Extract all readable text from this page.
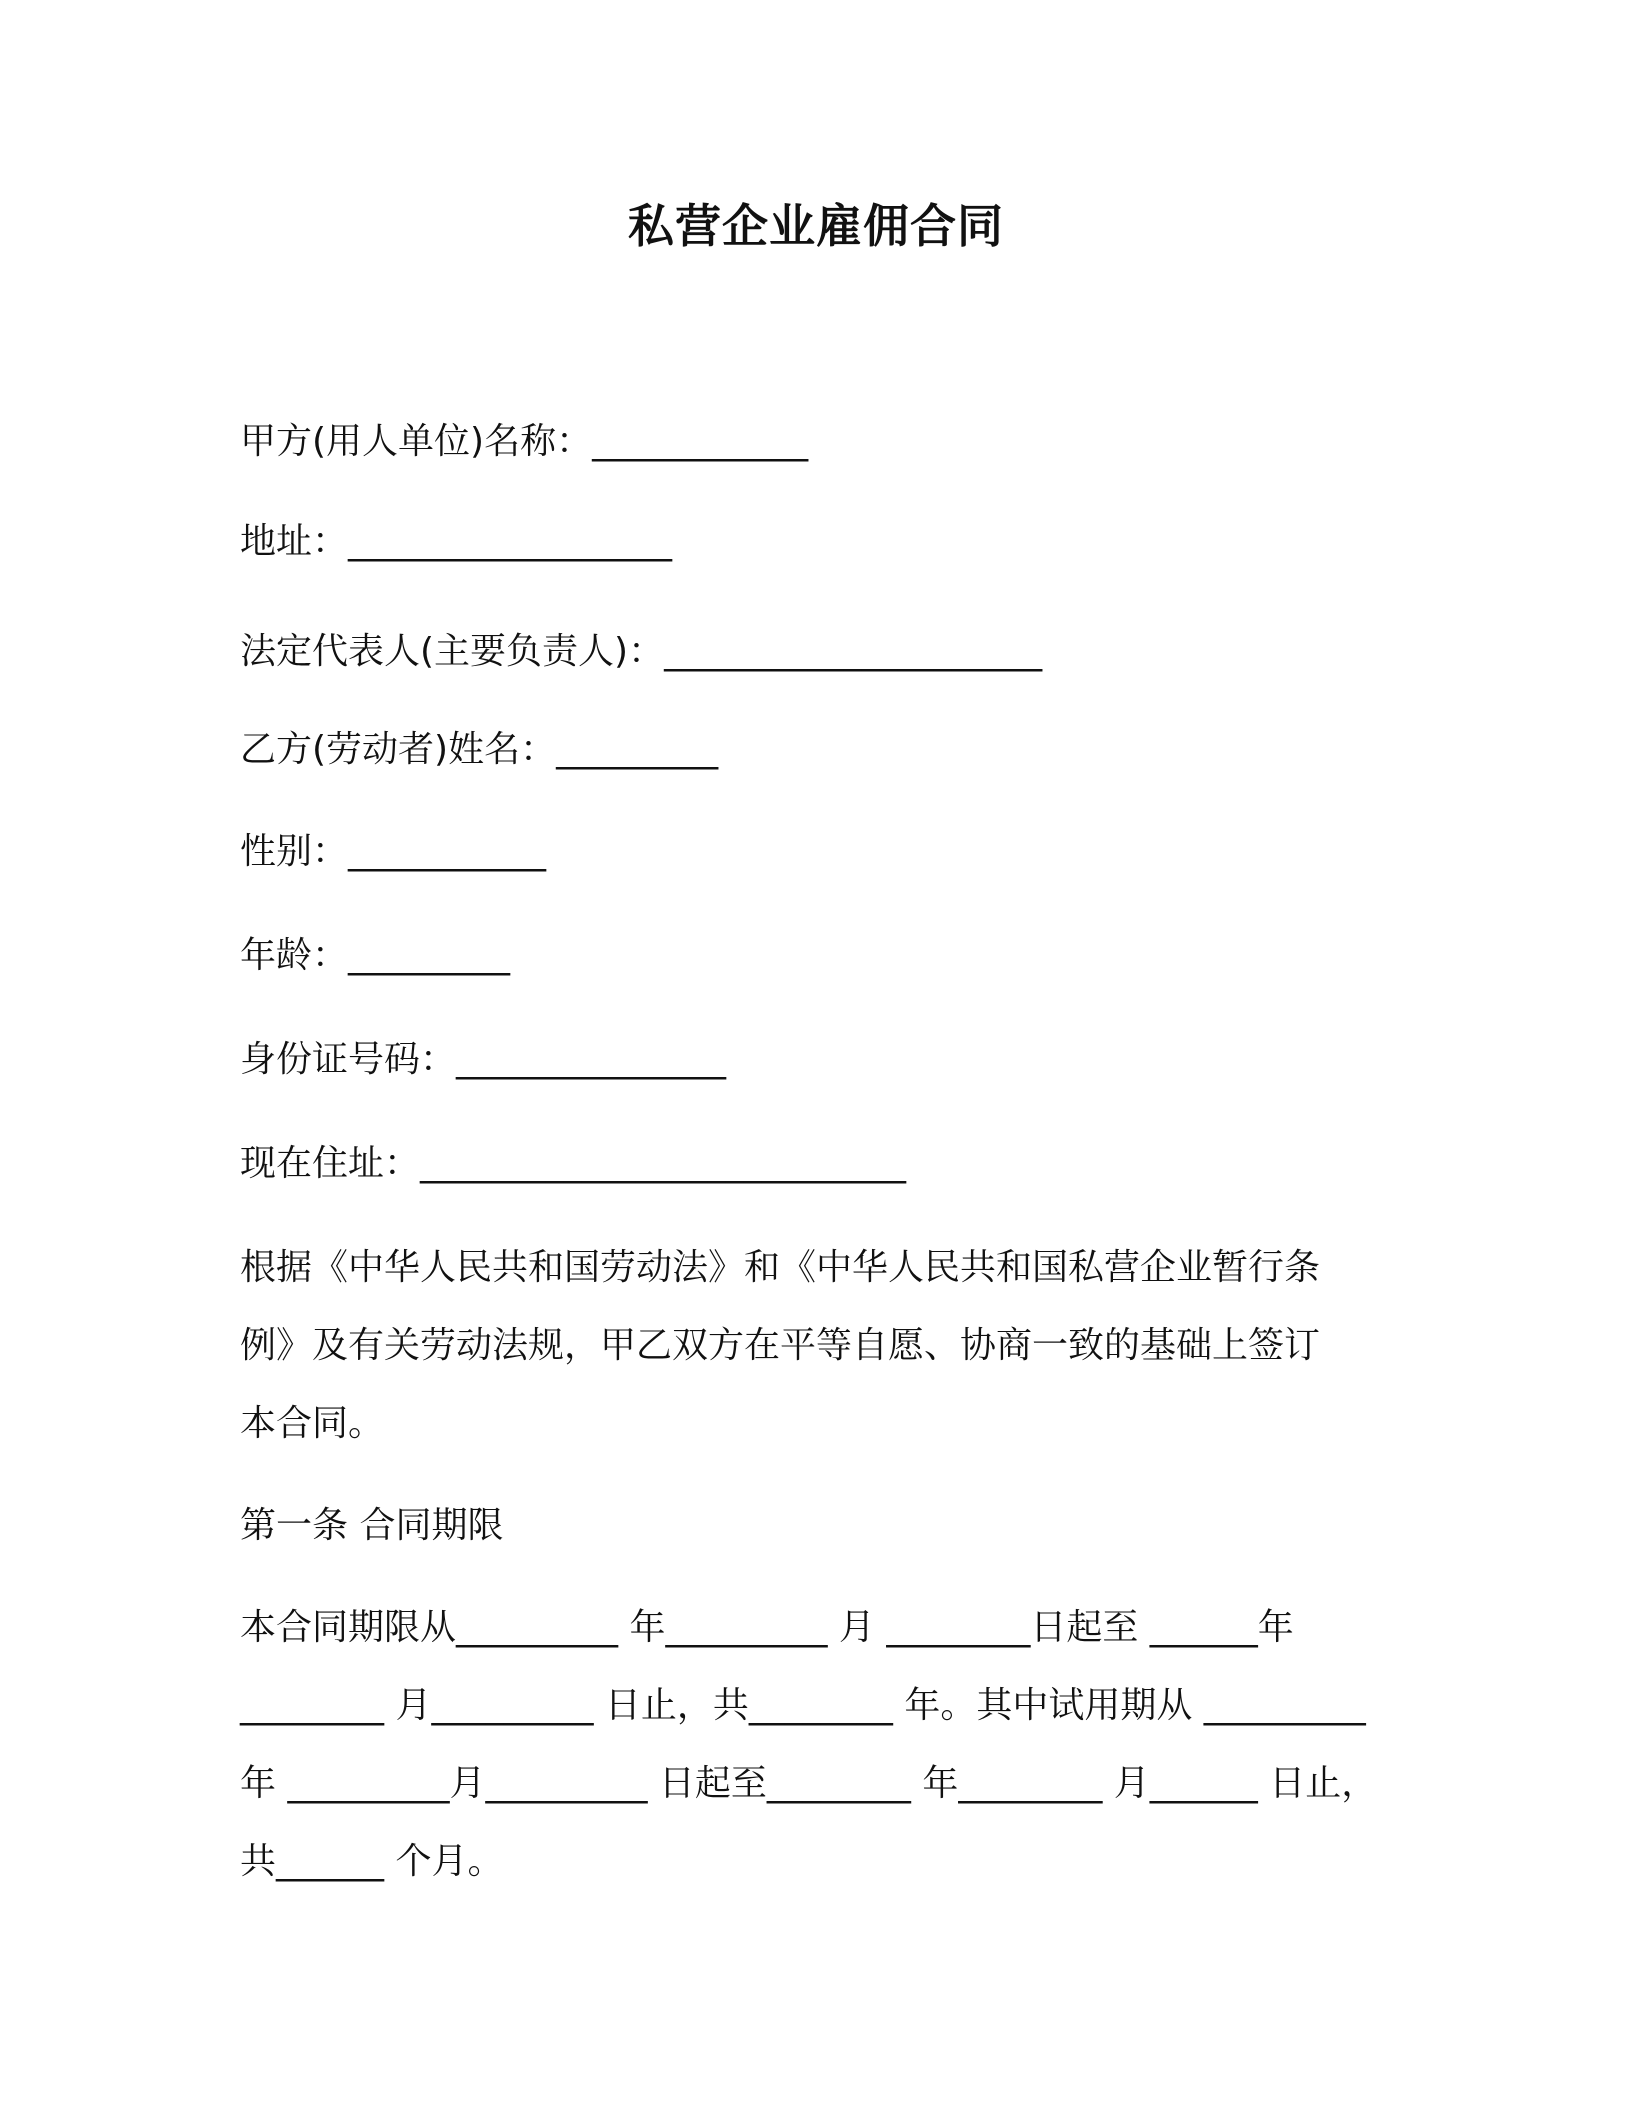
私营企业雇佣合同
甲方(用人单位)名称：____________
地址：__________________
法定代表人(主要负责人)：_____________________
乙方(劳动者)姓名：_________
性别：___________
年龄：_________
身份证号码：_______________
现在住址：___________________________
根据《中华人民共和国劳动法》和《中华人民共和国私营企业暂行条
例》及有关劳动法规，甲乙双方在平等自愿、协商一致的基础上签订
本合同。
第一条 合同期限
本合同期限从_________ 年_________ 月 ________日起至 ______年
________ 月_________ 日止，共________ 年。其中试用期从 _________
年 _________月_________ 日起至________ 年________ 月______ 日止，
共______ 个月。
